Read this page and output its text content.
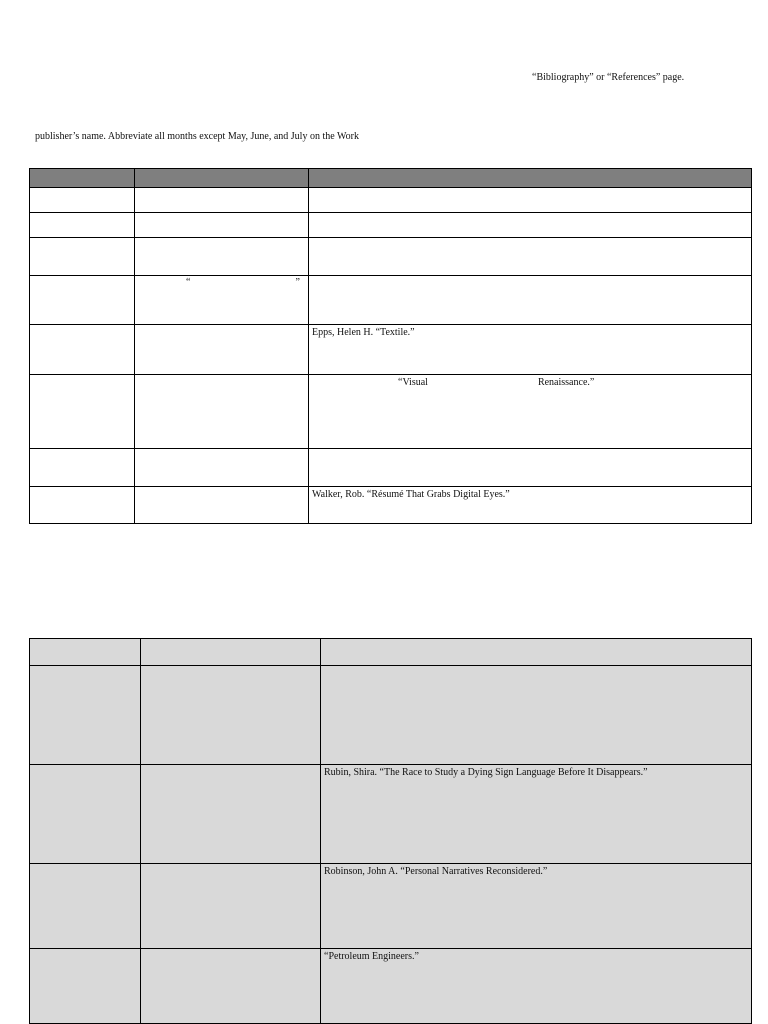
“Bibliography” or “References” page.
publisher’s name. Abbreviate all months except May, June, and July on the Work

	“ ”	

		Epps, Helen H. “Textile.”

		“Visual Renaissance.”

		Walker, Rob. “Résumé That Grabs Digital Eyes.”

		Rubin, Shira. “The Race to Study a Dying Sign Language Before It Disappears.”

		Robinson, John A. “Personal Narratives Reconsidered.”

		“Petroleum Engineers.”
